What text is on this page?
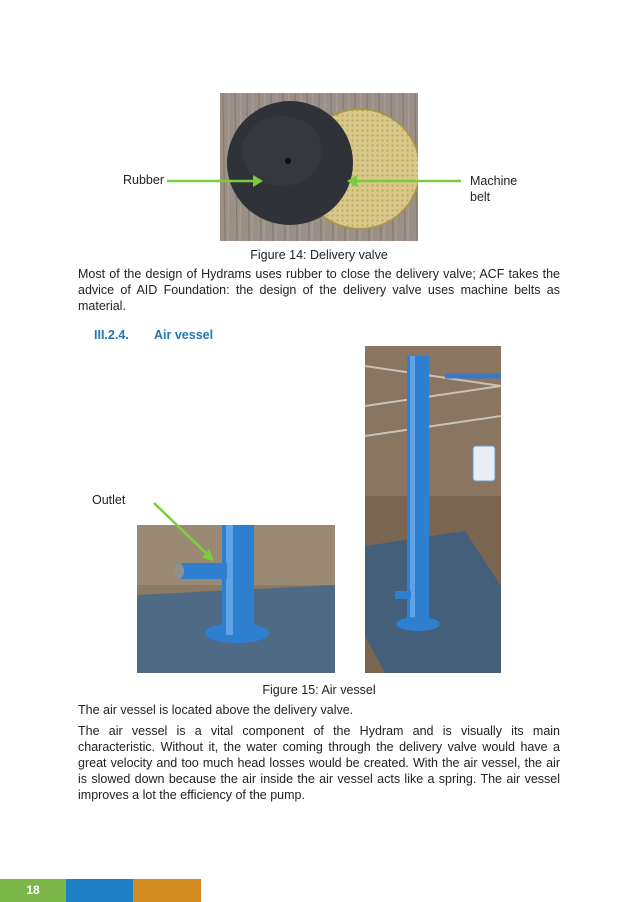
Rubber	Machine
belt
Figure 14: Delivery valve

Most of the design of Hydrams uses rubber to close the delivery valve; ACF takes the advice of AID Foundation: the design of the delivery valve uses machine belts as material.

III.2.4. Air vessel
Outlet
Figure 15: Air vessel

The air vessel is located above the delivery valve.

The air vessel is a vital component of the Hydram and is visually its main characteristic. Without it, the water coming through the delivery valve would have a great velocity and too much head losses would be created. With the air vessel, the air is slowed down because the air inside the air vessel acts like a spring. The air vessel improves a lot the efficiency of the pump.

18
